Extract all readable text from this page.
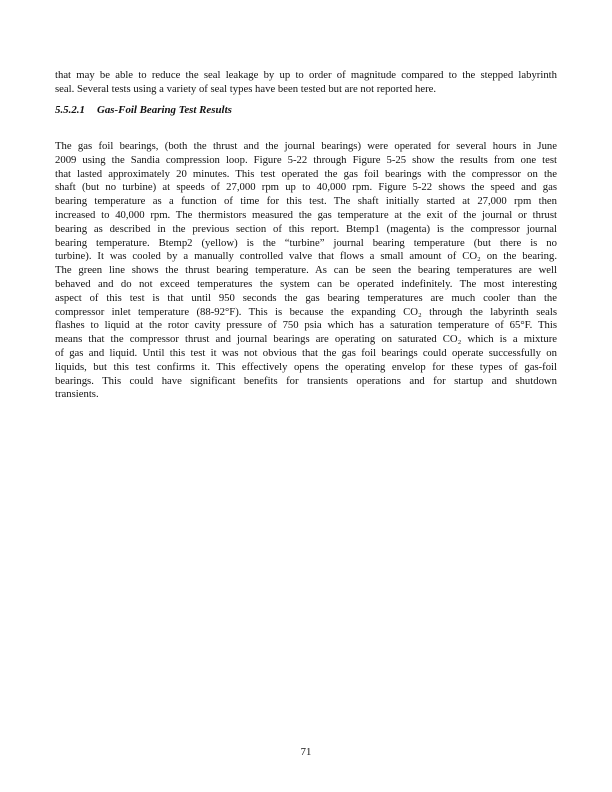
that may be able to reduce the seal leakage by up to order of magnitude compared to the stepped labyrinth
seal. Several tests using a variety of seal types have been tested but are not reported here.
5.5.2.1 Gas-Foil Bearing Test Results
The gas foil bearings, (both the thrust and the journal bearings) were operated for several hours in June
2009 using the Sandia compression loop. Figure 5-22 through Figure 5-25 show the results from one test
that lasted approximately 20 minutes. This test operated the gas foil bearings with the compressor on the
shaft (but no turbine) at speeds of 27,000 rpm up to 40,000 rpm. Figure 5-22 shows the speed and gas
bearing temperature as a function of time for this test. The shaft initially started at 27,000 rpm then
increased to 40,000 rpm. The thermistors measured the gas temperature at the exit of the journal or thrust
bearing as described in the previous section of this report. Btemp1 (magenta) is the compressor journal
bearing temperature. Btemp2 (yellow) is the “turbine” journal bearing temperature (but there is no
turbine). It was cooled by a manually controlled valve that flows a small amount of CO₂ on the bearing.
The green line shows the thrust bearing temperature. As can be seen the bearing temperatures are well
behaved and do not exceed temperatures the system can be operated indefinitely. The most interesting
aspect of this test is that until 950 seconds the gas bearing temperatures are much cooler than the
compressor inlet temperature (88-92°F). This is because the expanding CO₂ through the labyrinth seals
flashes to liquid at the rotor cavity pressure of 750 psia which has a saturation temperature of 65°F. This
means that the compressor thrust and journal bearings are operating on saturated CO₂ which is a mixture
of gas and liquid. Until this test it was not obvious that the gas foil bearings could operate successfully on
liquids, but this test confirms it. This effectively opens the operating envelop for these types of gas-foil
bearings. This could have significant benefits for transients operations and for startup and shutdown
transients.
71
